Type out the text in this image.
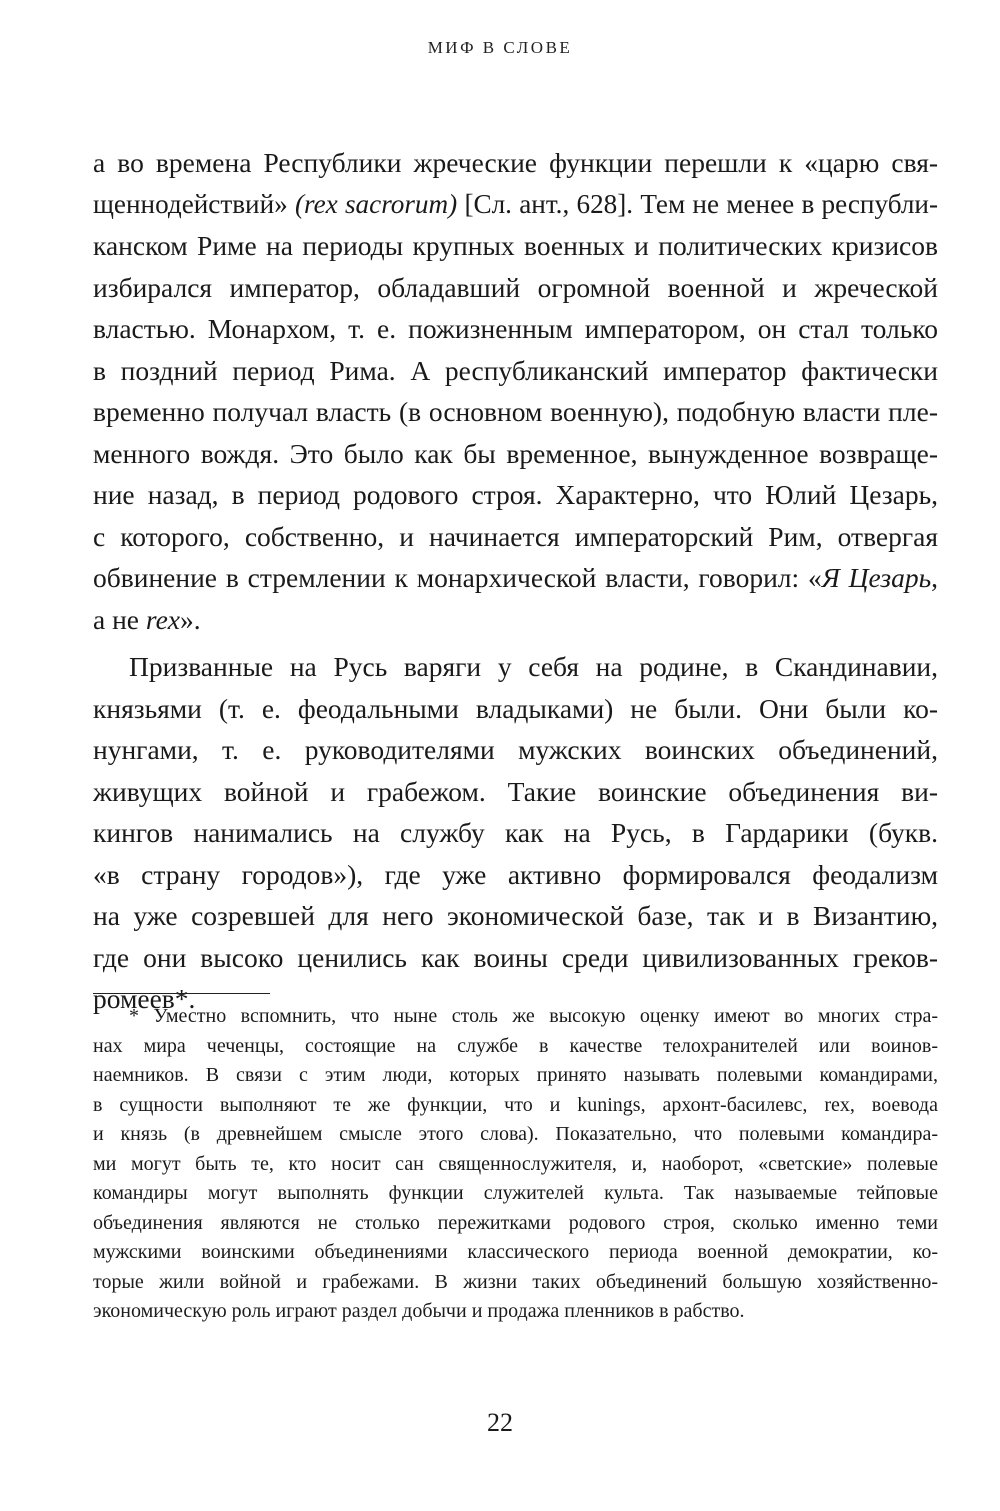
МИФ В СЛОВЕ
а во времена Республики жреческие функции перешли к «царю свя-
щеннодействий» (rex sacrorum) [Сл. ант., 628]. Тем не менее в республи-
канском Риме на периоды крупных военных и политических кризисов
избирался император, обладавший огромной военной и жреческой
властью. Монархом, т. е. пожизненным императором, он стал только
в поздний период Рима. А республиканский император фактически
временно получал власть (в основном военную), подобную власти пле-
менного вождя. Это было как бы временное, вынужденное возвраще-
ние назад, в период родового строя. Характерно, что Юлий Цезарь,
с которого, собственно, и начинается императорский Рим, отвергая
обвинение в стремлении к монархической власти, говорил: «Я Цезарь,
а не rex».
Призванные на Русь варяги у себя на родине, в Скандинавии,
князьями (т. е. феодальными владыками) не были. Они были ко-
нунгами, т. е. руководителями мужских воинских объединений,
живущих войной и грабежом. Такие воинские объединения ви-
кингов нанимались на службу как на Русь, в Гардарики (букв.
«в страну городов»), где уже активно формировался феодализм
на уже созревшей для него экономической базе, так и в Византию,
где они высоко ценились как воины среди цивилизованных греков-
ромеев*.
* Уместно вспомнить, что ныне столь же высокую оценку имеют во многих стра-
нах мира чеченцы, состоящие на службе в качестве телохранителей или воинов-
наемников. В связи с этим люди, которых принято называть полевыми командирами,
в сущности выполняют те же функции, что и kunings, архонт-басилевс, rex, воевода
и князь (в древнейшем смысле этого слова). Показательно, что полевыми командира-
ми могут быть те, кто носит сан священнослужителя, и, наоборот, «светские» полевые
командиры могут выполнять функции служителей культа. Так называемые тейповые
объединения являются не столько пережитками родового строя, сколько именно теми
мужскими воинскими объединениями классического периода военной демократии, ко-
торые жили войной и грабежами. В жизни таких объединений большую хозяйственно-
экономическую роль играют раздел добычи и продажа пленников в рабство.
22
